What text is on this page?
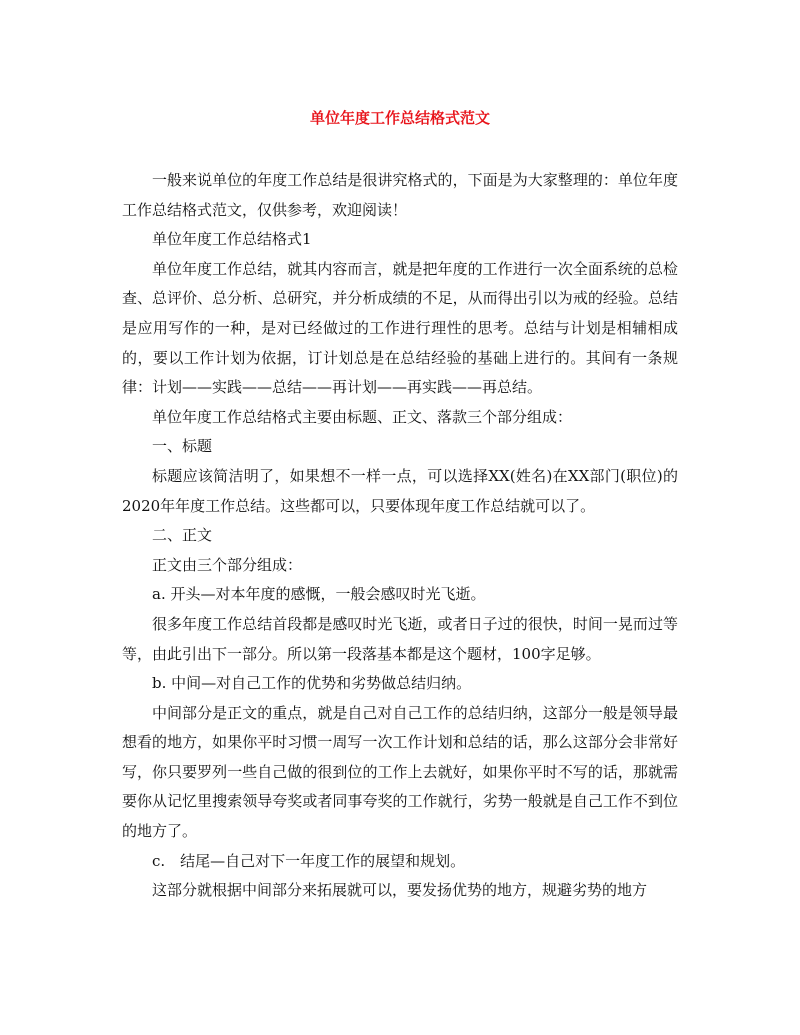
单位年度工作总结格式范文

一般来说单位的年度工作总结是很讲究格式的，下面是为大家整理的：单位年度工作总结格式范文，仅供参考，欢迎阅读！

单位年度工作总结格式1

单位年度工作总结，就其内容而言，就是把年度的工作进行一次全面系统的总检查、总评价、总分析、总研究，并分析成绩的不足，从而得出引以为戒的经验。总结是应用写作的一种，是对已经做过的工作进行理性的思考。总结与计划是相辅相成的，要以工作计划为依据，订计划总是在总结经验的基础上进行的。其间有一条规律：计划——实践——总结——再计划——再实践——再总结。

单位年度工作总结格式主要由标题、正文、落款三个部分组成：

一、标题

标题应该简洁明了，如果想不一样一点，可以选择XX(姓名)在XX部门(职位)的2020年年度工作总结。这些都可以，只要体现年度工作总结就可以了。

二、正文

正文由三个部分组成：

a. 开头—对本年度的感慨，一般会感叹时光飞逝。

很多年度工作总结首段都是感叹时光飞逝，或者日子过的很快，时间一晃而过等等，由此引出下一部分。所以第一段落基本都是这个题材，100字足够。

b. 中间—对自己工作的优势和劣势做总结归纳。

中间部分是正文的重点，就是自己对自己工作的总结归纳，这部分一般是领导最想看的地方，如果你平时习惯一周写一次工作计划和总结的话，那么这部分会非常好写，你只要罗列一些自己做的很到位的工作上去就好，如果你平时不写的话，那就需要你从记忆里搜索领导夸奖或者同事夸奖的工作就行，劣势一般就是自己工作不到位的地方了。

c.　结尾—自己对下一年度工作的展望和规划。

这部分就根据中间部分来拓展就可以，要发扬优势的地方，规避劣势的地方
